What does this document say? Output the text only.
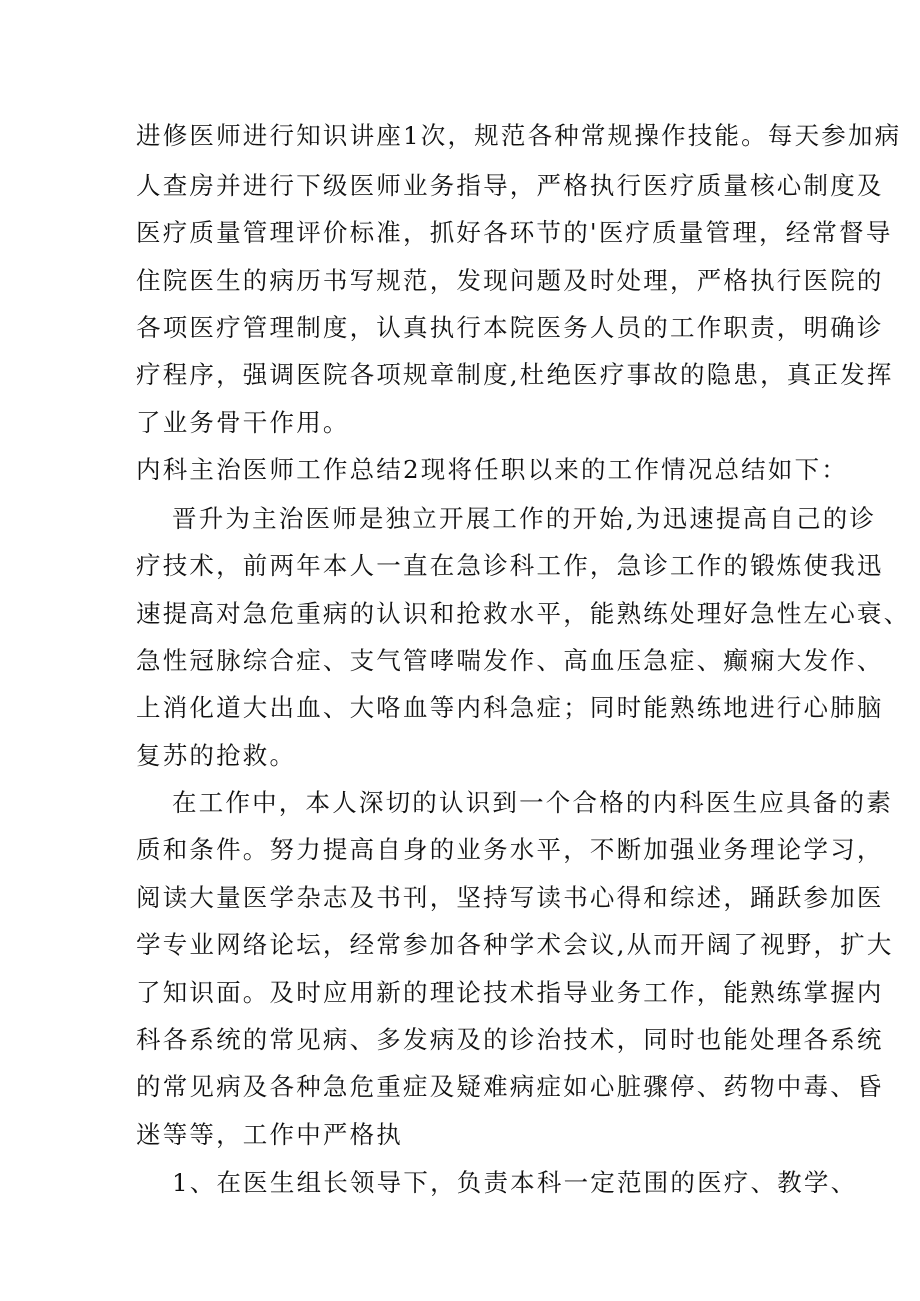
进修医师进行知识讲座1次，规范各种常规操作技能。每天参加病
人查房并进行下级医师业务指导，严格执行医疗质量核心制度及
医疗质量管理评价标准，抓好各环节的'医疗质量管理，经常督导
住院医生的病历书写规范，发现问题及时处理，严格执行医院的
各项医疗管理制度，认真执行本院医务人员的工作职责，明确诊
疗程序，强调医院各项规章制度,杜绝医疗事故的隐患，真正发挥
了业务骨干作用。
内科主治医师工作总结2现将任职以来的工作情况总结如下：
晋升为主治医师是独立开展工作的开始,为迅速提高自己的诊
疗技术，前两年本人一直在急诊科工作，急诊工作的锻炼使我迅
速提高对急危重病的认识和抢救水平，能熟练处理好急性左心衰、
急性冠脉综合症、支气管哮喘发作、高血压急症、癫痫大发作、
上消化道大出血、大咯血等内科急症；同时能熟练地进行心肺脑
复苏的抢救。
在工作中，本人深切的认识到一个合格的内科医生应具备的素
质和条件。努力提高自身的业务水平，不断加强业务理论学习，
阅读大量医学杂志及书刊，坚持写读书心得和综述，踊跃参加医
学专业网络论坛，经常参加各种学术会议,从而开阔了视野，扩大
了知识面。及时应用新的理论技术指导业务工作，能熟练掌握内
科各系统的常见病、多发病及的诊治技术，同时也能处理各系统
的常见病及各种急危重症及疑难病症如心脏骤停、药物中毒、昏
迷等等，工作中严格执
1、在医生组长领导下，负责本科一定范围的医疗、教学、
